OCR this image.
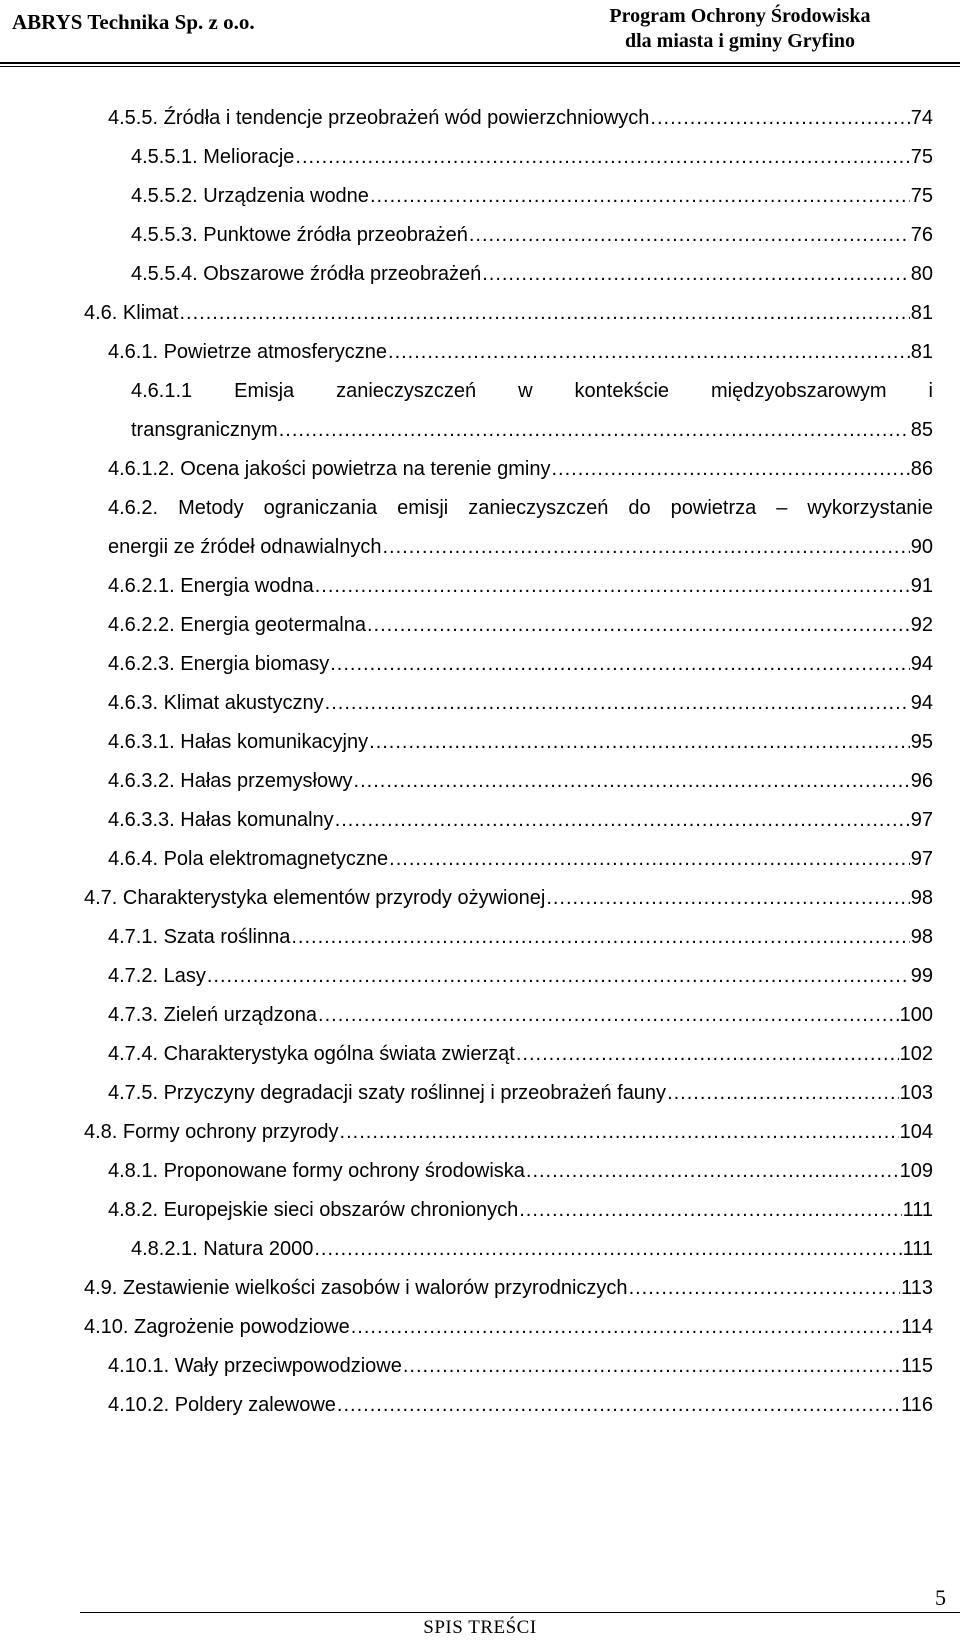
ABRYS Technika Sp. z o.o.	Program Ochrony Środowiska
dla miasta i gminy Gryfino
4.5.5. Źródła i tendencje przeobrażeń wód powierzchniowych .....	74
4.5.5.1. Melioracje .....	75
4.5.5.2. Urządzenia wodne .....	75
4.5.5.3. Punktowe źródła przeobrażeń .....	76
4.5.5.4. Obszarowe źródła przeobrażeń .....	80
4.6. Klimat .....	81
4.6.1. Powietrze atmosferyczne .....	81
4.6.1.1 Emisja zanieczyszczeń w kontekście międzyobszarowym i
transgranicznym .....	85
4.6.1.2. Ocena jakości powietrza na terenie gminy .....	86
4.6.2. Metody ograniczania emisji zanieczyszczeń do powietrza – wykorzystanie
energii ze źródeł odnawialnych .....	90
4.6.2.1. Energia wodna .....	91
4.6.2.2. Energia geotermalna .....	92
4.6.2.3. Energia biomasy .....	94
4.6.3. Klimat akustyczny .....	94
4.6.3.1. Hałas komunikacyjny .....	95
4.6.3.2. Hałas przemysłowy .....	96
4.6.3.3. Hałas komunalny .....	97
4.6.4. Pola elektromagnetyczne .....	97
4.7. Charakterystyka elementów przyrody ożywionej .....	98
4.7.1. Szata roślinna .....	98
4.7.2. Lasy .....	99
4.7.3. Zieleń urządzona .....	100
4.7.4. Charakterystyka ogólna świata zwierząt .....	102
4.7.5. Przyczyny degradacji szaty roślinnej i przeobrażeń fauny .....	103
4.8. Formy ochrony przyrody .....	104
4.8.1. Proponowane formy ochrony środowiska .....	109
4.8.2. Europejskie sieci obszarów chronionych .....	111
4.8.2.1. Natura 2000 .....	111
4.9. Zestawienie wielkości zasobów i walorów przyrodniczych .....	113
4.10. Zagrożenie powodziowe .....	114
4.10.1. Wały przeciwpowodziowe .....	115
4.10.2. Poldery zalewowe .....	116
5
SPIS TREŚCI
